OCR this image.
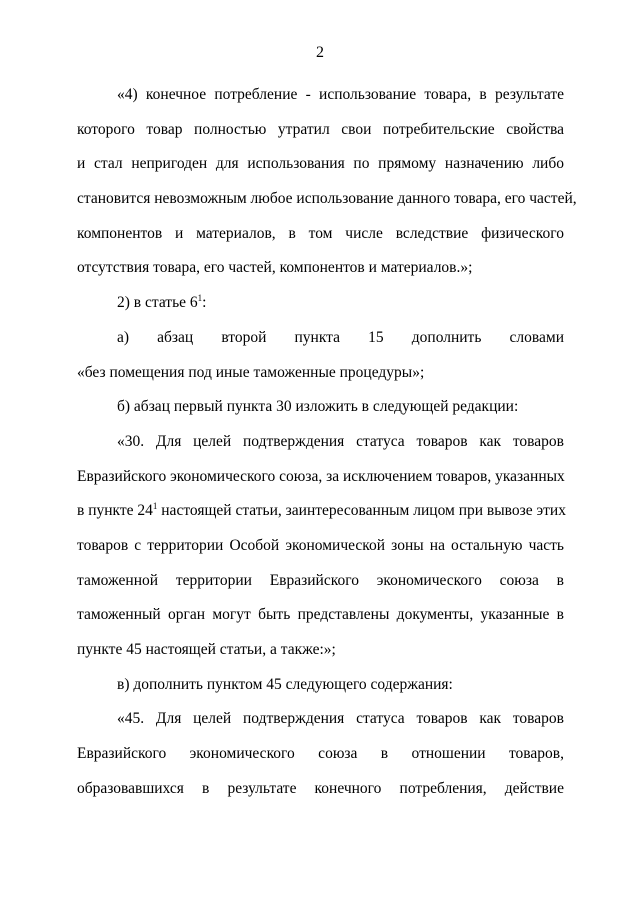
2
«4) конечное потребление - использование товара, в результате
которого товар полностью утратил свои потребительские свойства
и стал непригоден для использования по прямому назначению либо
становится невозможным любое использование данного товара, его частей,
компонентов и материалов, в том числе вследствие физического
отсутствия товара, его частей, компонентов и материалов.»;
2) в статье $6^1$:
а) абзац второй пункта 15 дополнить словами
«без помещения под иные таможенные процедуры»;
б) абзац первый пункта 30 изложить в следующей редакции:
«30. Для целей подтверждения статуса товаров как товаров
Евразийского экономического союза, за исключением товаров, указанных
в пункте $24^1$ настоящей статьи, заинтересованным лицом при вывозе этих
товаров с территории Особой экономической зоны на остальную часть
таможенной территории Евразийского экономического союза в
таможенный орган могут быть представлены документы, указанные в
пункте 45 настоящей статьи, а также:»;
в) дополнить пунктом 45 следующего содержания:
«45. Для целей подтверждения статуса товаров как товаров
Евразийского экономического союза в отношении товаров,
образовавшихся в результате конечного потребления, действие
